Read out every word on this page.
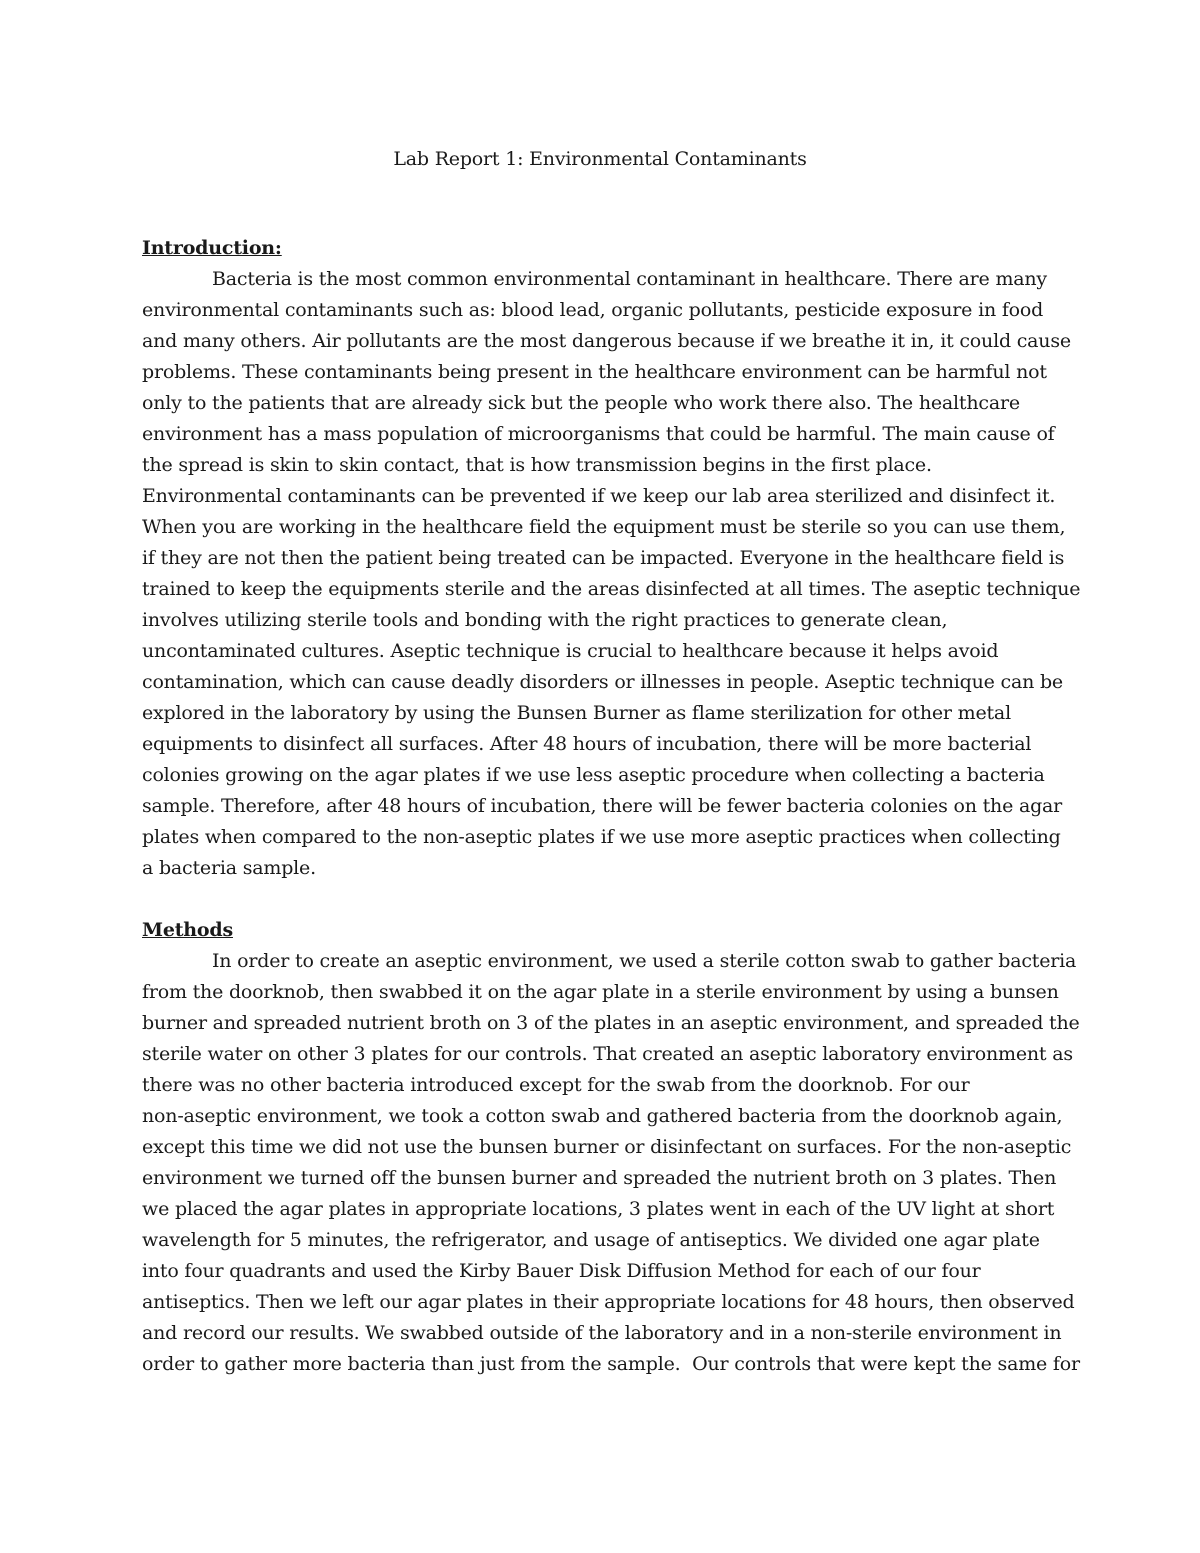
Lab Report 1: Environmental Contaminants
Introduction:
Bacteria is the most common environmental contaminant in healthcare. There are many
environmental contaminants such as: blood lead, organic pollutants, pesticide exposure in food
and many others. Air pollutants are the most dangerous because if we breathe it in, it could cause
problems. These contaminants being present in the healthcare environment can be harmful not
only to the patients that are already sick but the people who work there also. The healthcare
environment has a mass population of microorganisms that could be harmful. The main cause of
the spread is skin to skin contact, that is how transmission begins in the first place.
Environmental contaminants can be prevented if we keep our lab area sterilized and disinfect it.
When you are working in the healthcare field the equipment must be sterile so you can use them,
if they are not then the patient being treated can be impacted. Everyone in the healthcare field is
trained to keep the equipments sterile and the areas disinfected at all times. The aseptic technique
involves utilizing sterile tools and bonding with the right practices to generate clean,
uncontaminated cultures. Aseptic technique is crucial to healthcare because it helps avoid
contamination, which can cause deadly disorders or illnesses in people. Aseptic technique can be
explored in the laboratory by using the Bunsen Burner as flame sterilization for other metal
equipments to disinfect all surfaces. After 48 hours of incubation, there will be more bacterial
colonies growing on the agar plates if we use less aseptic procedure when collecting a bacteria
sample. Therefore, after 48 hours of incubation, there will be fewer bacteria colonies on the agar
plates when compared to the non-aseptic plates if we use more aseptic practices when collecting
a bacteria sample.
Methods
In order to create an aseptic environment, we used a sterile cotton swab to gather bacteria
from the doorknob, then swabbed it on the agar plate in a sterile environment by using a bunsen
burner and spreaded nutrient broth on 3 of the plates in an aseptic environment, and spreaded the
sterile water on other 3 plates for our controls. That created an aseptic laboratory environment as
there was no other bacteria introduced except for the swab from the doorknob. For our
non-aseptic environment, we took a cotton swab and gathered bacteria from the doorknob again,
except this time we did not use the bunsen burner or disinfectant on surfaces. For the non-aseptic
environment we turned off the bunsen burner and spreaded the nutrient broth on 3 plates. Then
we placed the agar plates in appropriate locations, 3 plates went in each of the UV light at short
wavelength for 5 minutes, the refrigerator, and usage of antiseptics. We divided one agar plate
into four quadrants and used the Kirby Bauer Disk Diffusion Method for each of our four
antiseptics. Then we left our agar plates in their appropriate locations for 48 hours, then observed
and record our results. We swabbed outside of the laboratory and in a non-sterile environment in
order to gather more bacteria than just from the sample.  Our controls that were kept the same for
